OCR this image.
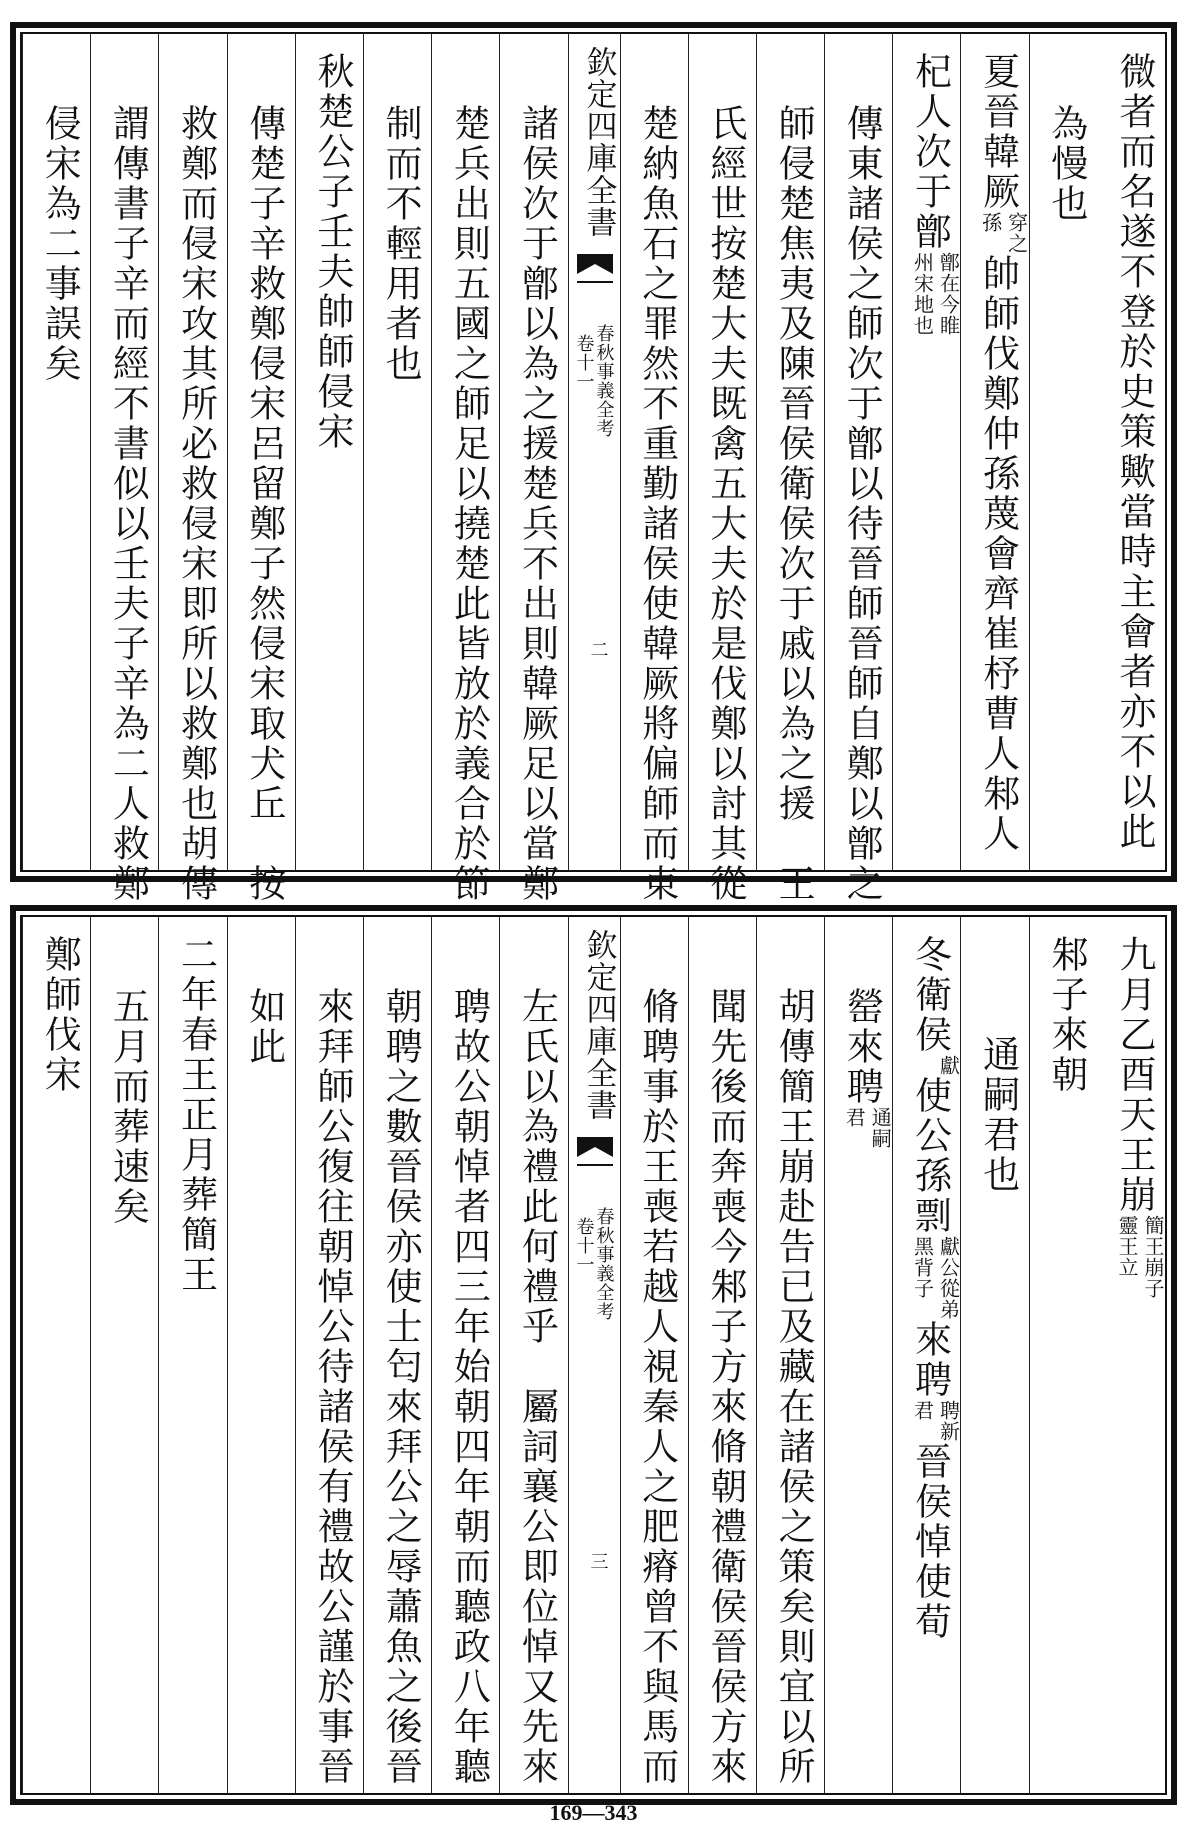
微者而名遂不登於史策歟當時主會者亦不以此
為慢也
夏晉韓厥
穿之
孫
帥師伐鄭仲孫蔑會齊崔杼曹人邾人
杞人次于鄫
鄫在今睢
州宋地也
傳東諸侯之師次于鄫以待晉師晉師自鄭以鄫之
師侵楚焦夷及陳晉侯衛侯次于戚以為之援　王
氏經世按楚大夫既禽五大夫於是伐鄭以討其從
楚納魚石之罪然不重勤諸侯使韓厥將偏師而東
欽定四庫全書
春秋事義全考
卷十一
二
諸侯次于鄫以為之援楚兵不出則韓厥足以當鄭
楚兵出則五國之師足以撓楚此皆放於義合於節
制而不輕用者也
秋楚公子壬夫帥師侵宋
傳楚子辛救鄭侵宋呂留鄭子然侵宋取犬丘　按
救鄭而侵宋攻其所必救侵宋即所以救鄭也胡傳
謂傳書子辛而經不書似以壬夫子辛為二人救鄭
侵宋為二事誤矣
九月乙酉天王崩
簡王崩子
靈王立
邾子來朝
通嗣君也
冬衛侯
獻
使公孫剽
獻公從弟
黑背子
來聘
聘新
君
晉侯悼使荀
罃來聘
通嗣
君
胡傳簡王崩赴告已及藏在諸侯之策矣則宜以所
聞先後而奔喪今邾子方來脩朝禮衛侯晉侯方來
脩聘事於王喪若越人視秦人之肥瘠曾不與馬而
欽定四庫全書
春秋事義全考
卷十一
三
左氏以為禮此何禮乎　屬詞襄公即位悼又先來
聘故公朝悼者四三年始朝四年朝而聽政八年聽
朝聘之數晉侯亦使士匄來拜公之辱蕭魚之後晉
來拜師公復往朝悼公待諸侯有禮故公謹於事晉
如此
二年春王正月葬簡王
五月而葬速矣
鄭師伐宋
169—343
